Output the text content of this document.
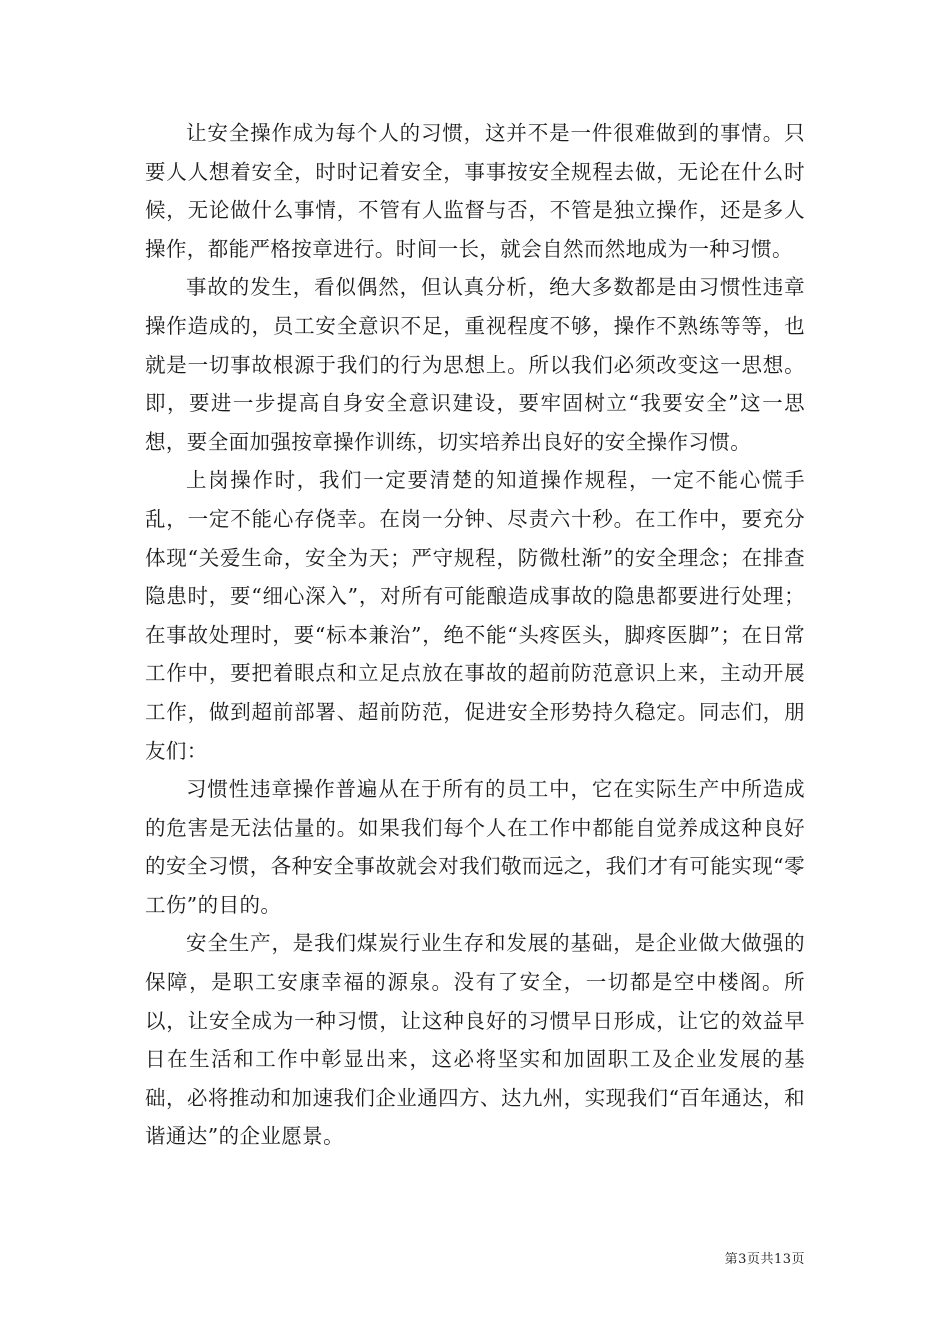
让安全操作成为每个人的习惯，这并不是一件很难做到的事情。只要人人想着安全，时时记着安全，事事按安全规程去做，无论在什么时候，无论做什么事情，不管有人监督与否，不管是独立操作，还是多人操作，都能严格按章进行。时间一长，就会自然而然地成为一种习惯。

事故的发生，看似偶然，但认真分析，绝大多数都是由习惯性违章操作造成的，员工安全意识不足，重视程度不够，操作不熟练等等，也就是一切事故根源于我们的行为思想上。所以我们必须改变这一思想。即，要进一步提高自身安全意识建设，要牢固树立“我要安全”这一思想，要全面加强按章操作训练，切实培养出良好的安全操作习惯。

上岗操作时，我们一定要清楚的知道操作规程，一定不能心慌手乱，一定不能心存侥幸。在岗一分钟、尽责六十秒。在工作中，要充分体现“关爱生命，安全为天；严守规程，防微杜渐”的安全理念；在排查隐患时，要“细心深入”，对所有可能酿造成事故的隐患都要进行处理；在事故处理时，要“标本兼治”，绝不能“头疼医头，脚疼医脚”；在日常工作中，要把着眼点和立足点放在事故的超前防范意识上来，主动开展工作，做到超前部署、超前防范，促进安全形势持久稳定。同志们，朋友们：

习惯性违章操作普遍从在于所有的员工中，它在实际生产中所造成的危害是无法估量的。如果我们每个人在工作中都能自觉养成这种良好的安全习惯，各种安全事故就会对我们敬而远之，我们才有可能实现“零工伤”的目的。

安全生产，是我们煤炭行业生存和发展的基础，是企业做大做强的保障，是职工安康幸福的源泉。没有了安全，一切都是空中楼阁。所以，让安全成为一种习惯，让这种良好的习惯早日形成，让它的效益早日在生活和工作中彰显出来，这必将坚实和加固职工及企业发展的基础，必将推动和加速我们企业通四方、达九州，实现我们“百年通达，和谐通达”的企业愿景。

第3页共13页
